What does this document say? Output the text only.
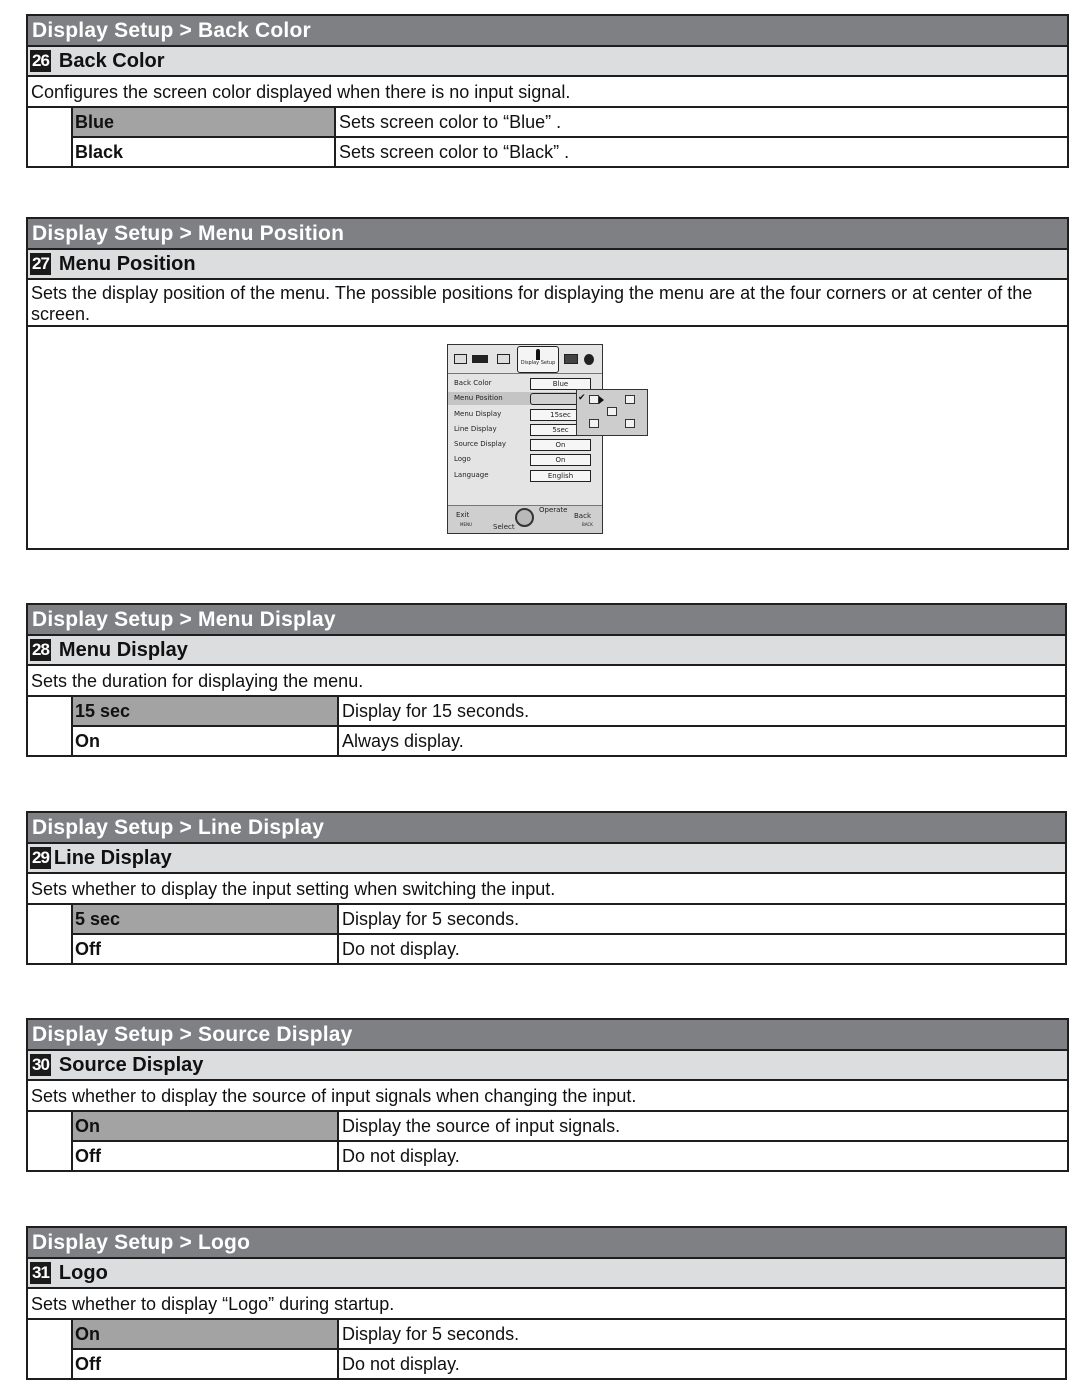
Display Setup > Back Color
26 Back Color
Configures the screen color displayed when there is no input signal.
Blue	Sets screen color to “Blue” .
Black	Sets screen color to “Black” .
Display Setup > Menu Position
27 Menu Position
Sets the display position of the menu. The possible positions for displaying the menu are at the four corners or at center of the screen.
Display Setup
Back Color	Blue
Menu Position
Menu Display	15sec
Line Display	5sec
Source Display	On
Logo	On
Language	English
Exit
MENU	Select
Operate
Back
BACK
✔
Display Setup > Menu Display
28 Menu Display
Sets the duration for displaying the menu.
15 sec	Display for 15 seconds.
On	Always display.
Display Setup > Line Display
29 Line Display
Sets whether to display the input setting when switching the input.
5 sec	Display for 5 seconds.
Off	Do not display.
Display Setup > Source Display
30 Source Display
Sets whether to display the source of input signals when changing the input.
On	Display the source of input signals.
Off	Do not display.
Display Setup > Logo
31 Logo
Sets whether to display “Logo” during startup.
On	Display for 5 seconds.
Off	Do not display.
